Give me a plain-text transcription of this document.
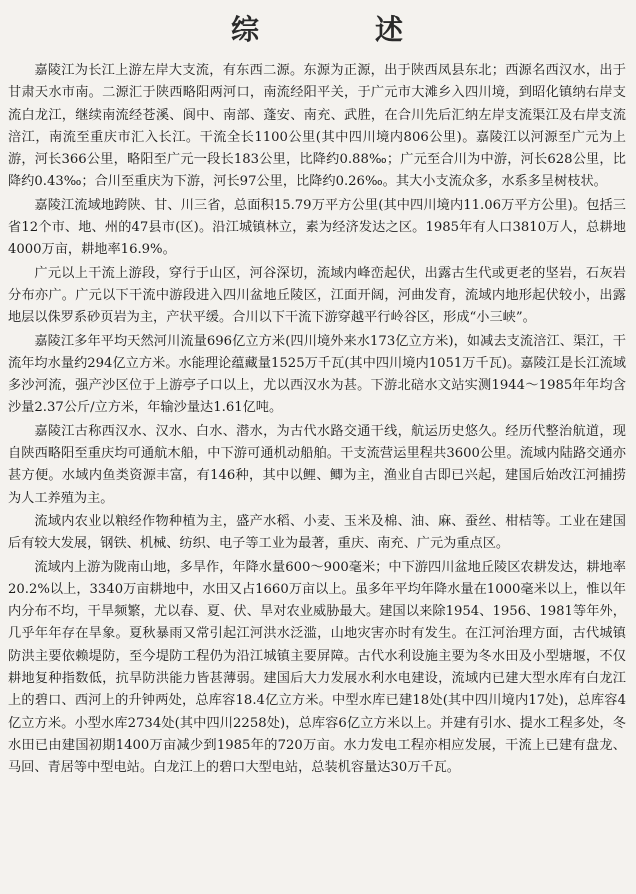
综　述

嘉陵江为长江上游左岸大支流，有东西二源。东源为正源，出于陕西凤县东北；西源名西汉水，出于甘肃天水市南。二源汇于陕西略阳两河口，南流经阳平关，于广元市大滩乡入四川境，到昭化镇纳右岸支流白龙江，继续南流经苍溪、阆中、南部、蓬安、南充、武胜，在合川先后汇纳左岸支流渠江及右岸支流涪江，南流至重庆市汇入长江。干流全长1100公里(其中四川境内806公里)。嘉陵江以河源至广元为上游，河长366公里，略阳至广元一段长183公里，比降约0.88‰；广元至合川为中游，河长628公里，比降约0.43‰；合川至重庆为下游，河长97公里，比降约0.26‰。其大小支流众多，水系多呈树枝状。

嘉陵江流域地跨陕、甘、川三省，总面积15.79万平方公里(其中四川境内11.06万平方公里)。包括三省12个市、地、州的47县市(区)。沿江城镇林立，素为经济发达之区。1985年有人口3810万人，总耕地4000万亩，耕地率16.9%。

广元以上干流上游段，穿行于山区，河谷深切，流域内峰峦起伏，出露古生代或更老的坚岩，石灰岩分布亦广。广元以下干流中游段进入四川盆地丘陵区，江面开阔，河曲发育，流域内地形起伏较小，出露地层以侏罗系砂页岩为主，产状平缓。合川以下干流下游穿越平行岭谷区，形成“小三峡”。

嘉陵江多年平均天然河川流量696亿立方米(四川境外来水173亿立方米)，如减去支流涪江、渠江，干流年均水量约294亿立方米。水能理论蕴藏量1525万千瓦(其中四川境内1051万千瓦)。嘉陵江是长江流域多沙河流，强产沙区位于上游亭子口以上，尤以西汉水为甚。下游北碚水文站实测1944～1985年年均含沙量2.37公斤/立方米，年输沙量达1.61亿吨。

嘉陵江古称西汉水、汉水、白水、潜水，为古代水路交通干线，航运历史悠久。经历代整治航道，现自陕西略阳至重庆均可通航木船，中下游可通机动船舶。干支流营运里程共3600公里。流域内陆路交通亦甚方便。水域内鱼类资源丰富，有146种，其中以鲤、鲫为主，渔业自古即已兴起，建国后始改江河捕捞为人工养殖为主。

流域内农业以粮经作物种植为主，盛产水稻、小麦、玉米及棉、油、麻、蚕丝、柑桔等。工业在建国后有较大发展，钢铁、机械、纺织、电子等工业为最著，重庆、南充、广元为重点区。

流域内上游为陇南山地，多旱作，年降水量600～900毫米；中下游四川盆地丘陵区农耕发达，耕地率20.2%以上，3340万亩耕地中，水田又占1660万亩以上。虽多年平均年降水量在1000毫米以上，惟以年内分布不均，干旱频繁，尤以春、夏、伏、旱对农业威胁最大。建国以来除1954、1956、1981等年外，几乎年年存在旱象。夏秋暴雨又常引起江河洪水泛滥，山地灾害亦时有发生。在江河治理方面，古代城镇防洪主要依赖堤防，至今堤防工程仍为沿江城镇主要屏障。古代水利设施主要为冬水田及小型塘堰，不仅耕地复种指数低，抗旱防洪能力皆甚薄弱。建国后大力发展水利水电建设，流域内已建大型水库有白龙江上的碧口、西河上的升钟两处，总库容18.4亿立方米。中型水库已建18处(其中四川境内17处)，总库容4亿立方米。小型水库2734处(其中四川2258处)，总库容6亿立方米以上。并建有引水、提水工程多处，冬水田已由建国初期1400万亩减少到1985年的720万亩。水力发电工程亦相应发展，干流上已建有盘龙、马回、青居等中型电站。白龙江上的碧口大型电站，总装机容量达30万千瓦。
